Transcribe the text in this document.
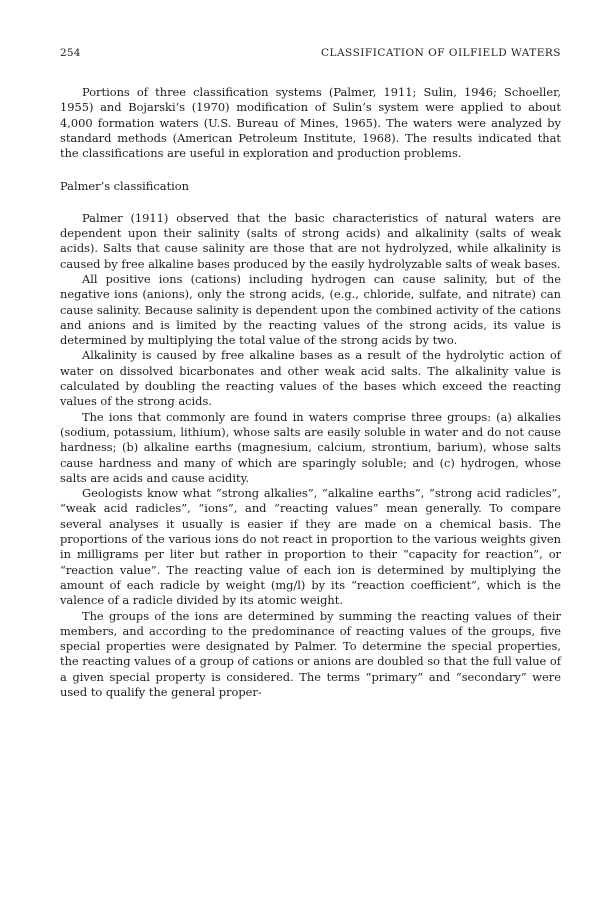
254	CLASSIFICATION OF OILFIELD WATERS

Portions of three classification systems (Palmer, 1911; Sulin, 1946; Schoeller, 1955) and Bojarski’s (1970) modification of Sulin’s system were applied to about 4,000 formation waters (U.S. Bureau of Mines, 1965). The waters were analyzed by standard methods (American Petroleum Institute, 1968). The results indicated that the classifications are useful in exploration and production problems.

Palmer’s classification

Palmer (1911) observed that the basic characteristics of natural waters are dependent upon their salinity (salts of strong acids) and alkalinity (salts of weak acids). Salts that cause salinity are those that are not hydrolyzed, while alkalinity is caused by free alkaline bases produced by the easily hydrolyzable salts of weak bases.

All positive ions (cations) including hydrogen can cause salinity, but of the negative ions (anions), only the strong acids, (e.g., chloride, sulfate, and nitrate) can cause salinity. Because salinity is dependent upon the combined activity of the cations and anions and is limited by the reacting values of the strong acids, its value is determined by multiplying the total value of the strong acids by two.

Alkalinity is caused by free alkaline bases as a result of the hydrolytic action of water on dissolved bicarbonates and other weak acid salts. The alkalinity value is calculated by doubling the reacting values of the bases which exceed the reacting values of the strong acids.

The ions that commonly are found in waters comprise three groups: (a) alkalies (sodium, potassium, lithium), whose salts are easily soluble in water and do not cause hardness; (b) alkaline earths (magnesium, calcium, strontium, barium), whose salts cause hardness and many of which are sparingly soluble; and (c) hydrogen, whose salts are acids and cause acidity.

Geologists know what “strong alkalies”, “alkaline earths”, “strong acid radicles”, “weak acid radicles”, “ions”, and “reacting values” mean generally. To compare several analyses it usually is easier if they are made on a chemical basis. The proportions of the various ions do not react in proportion to the various weights given in milligrams per liter but rather in proportion to their “capacity for reaction”, or “reaction value”. The reacting value of each ion is determined by multiplying the amount of each radicle by weight (mg/l) by its “reaction coefficient”, which is the valence of a radicle divided by its atomic weight.

The groups of the ions are determined by summing the reacting values of their members, and according to the predominance of reacting values of the groups, five special properties were designated by Palmer. To determine the special properties, the reacting values of a group of cations or anions are doubled so that the full value of a given special property is considered. The terms “primary” and “secondary” were used to qualify the general proper-
